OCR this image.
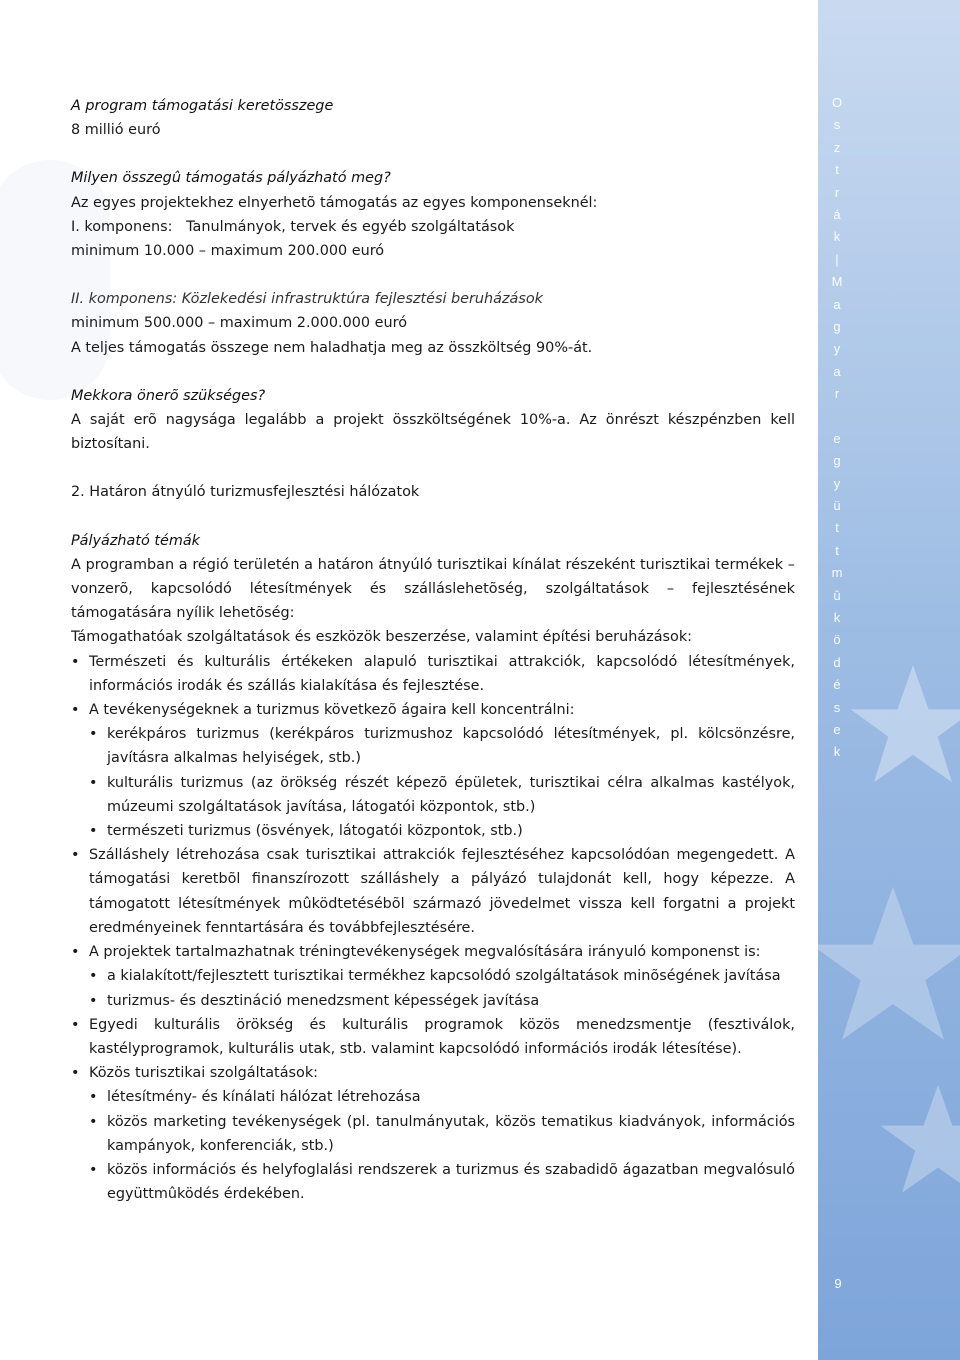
O
s
z
t
r
á
k
|
M
a
g
y
a
r

e
g
y
ü
t
t
m
û
k
ö
d
é
s
e
k
9

A program támogatási keretösszege

8 millió euró

Milyen összegû támogatás pályázható meg?

Az egyes projektekhez elnyerhetõ támogatás az egyes komponenseknél:

I. komponens:   Tanulmányok, tervek és egyéb szolgáltatások

minimum 10.000 – maximum 200.000 euró

II. komponens: Közlekedési infrastruktúra fejlesztési beruházások

minimum 500.000 – maximum 2.000.000 euró

A teljes támogatás összege nem haladhatja meg az összköltség 90%-át.

Mekkora önerõ szükséges?

A saját erõ nagysága legalább a projekt összköltségének 10%-a. Az önrészt készpénzben kell biztosítani.

2. Határon átnyúló turizmusfejlesztési hálózatok

Pályázható témák

A programban a régió területén a határon átnyúló turisztikai kínálat részeként turisztikai termékek – vonzerõ, kapcsolódó létesítmények és szálláslehetõség, szolgáltatások – fejlesztésének támogatására nyílik lehetõség:

Támogathatóak szolgáltatások és eszközök beszerzése, valamint építési beruházások:

• Természeti és kulturális értékeken alapuló turisztikai attrakciók, kapcsolódó létesítmények, információs irodák és szállás kialakítása és fejlesztése.
• A tevékenységeknek a turizmus következõ ágaira kell koncentrálni:
• kerékpáros turizmus (kerékpáros turizmushoz kapcsolódó létesítmények, pl. kölcsönzésre, javításra alkalmas helyiségek, stb.)
• kulturális turizmus (az örökség részét képezõ épületek, turisztikai célra alkalmas kastélyok, múzeumi szolgáltatások javítása, látogatói központok, stb.)
• természeti turizmus (ösvények, látogatói központok, stb.)
• Szálláshely létrehozása csak turisztikai attrakciók fejlesztéséhez kapcsolódóan megengedett. A támogatási keretbõl finanszírozott szálláshely a pályázó tulajdonát kell, hogy képezze. A támogatott létesítmények mûködtetésébõl származó jövedelmet vissza kell forgatni a projekt eredményeinek fenntartására és továbbfejlesztésére.
• A projektek tartalmazhatnak tréningtevékenységek megvalósítására irányuló komponenst is:
• a kialakított/fejlesztett turisztikai termékhez kapcsolódó szolgáltatások minõségének javítása
• turizmus- és desztináció menedzsment képességek javítása
• Egyedi kulturális örökség és kulturális programok közös menedzsmentje (fesztiválok, kastélyprogramok, kulturális utak, stb. valamint kapcsolódó információs irodák létesítése).
• Közös turisztikai szolgáltatások:
• létesítmény- és kínálati hálózat létrehozása
• közös marketing tevékenységek (pl. tanulmányutak, közös tematikus kiadványok, információs kampányok, konferenciák, stb.)
• közös információs és helyfoglalási rendszerek a turizmus és szabadidõ ágazatban megvalósuló együttmûködés érdekében.
